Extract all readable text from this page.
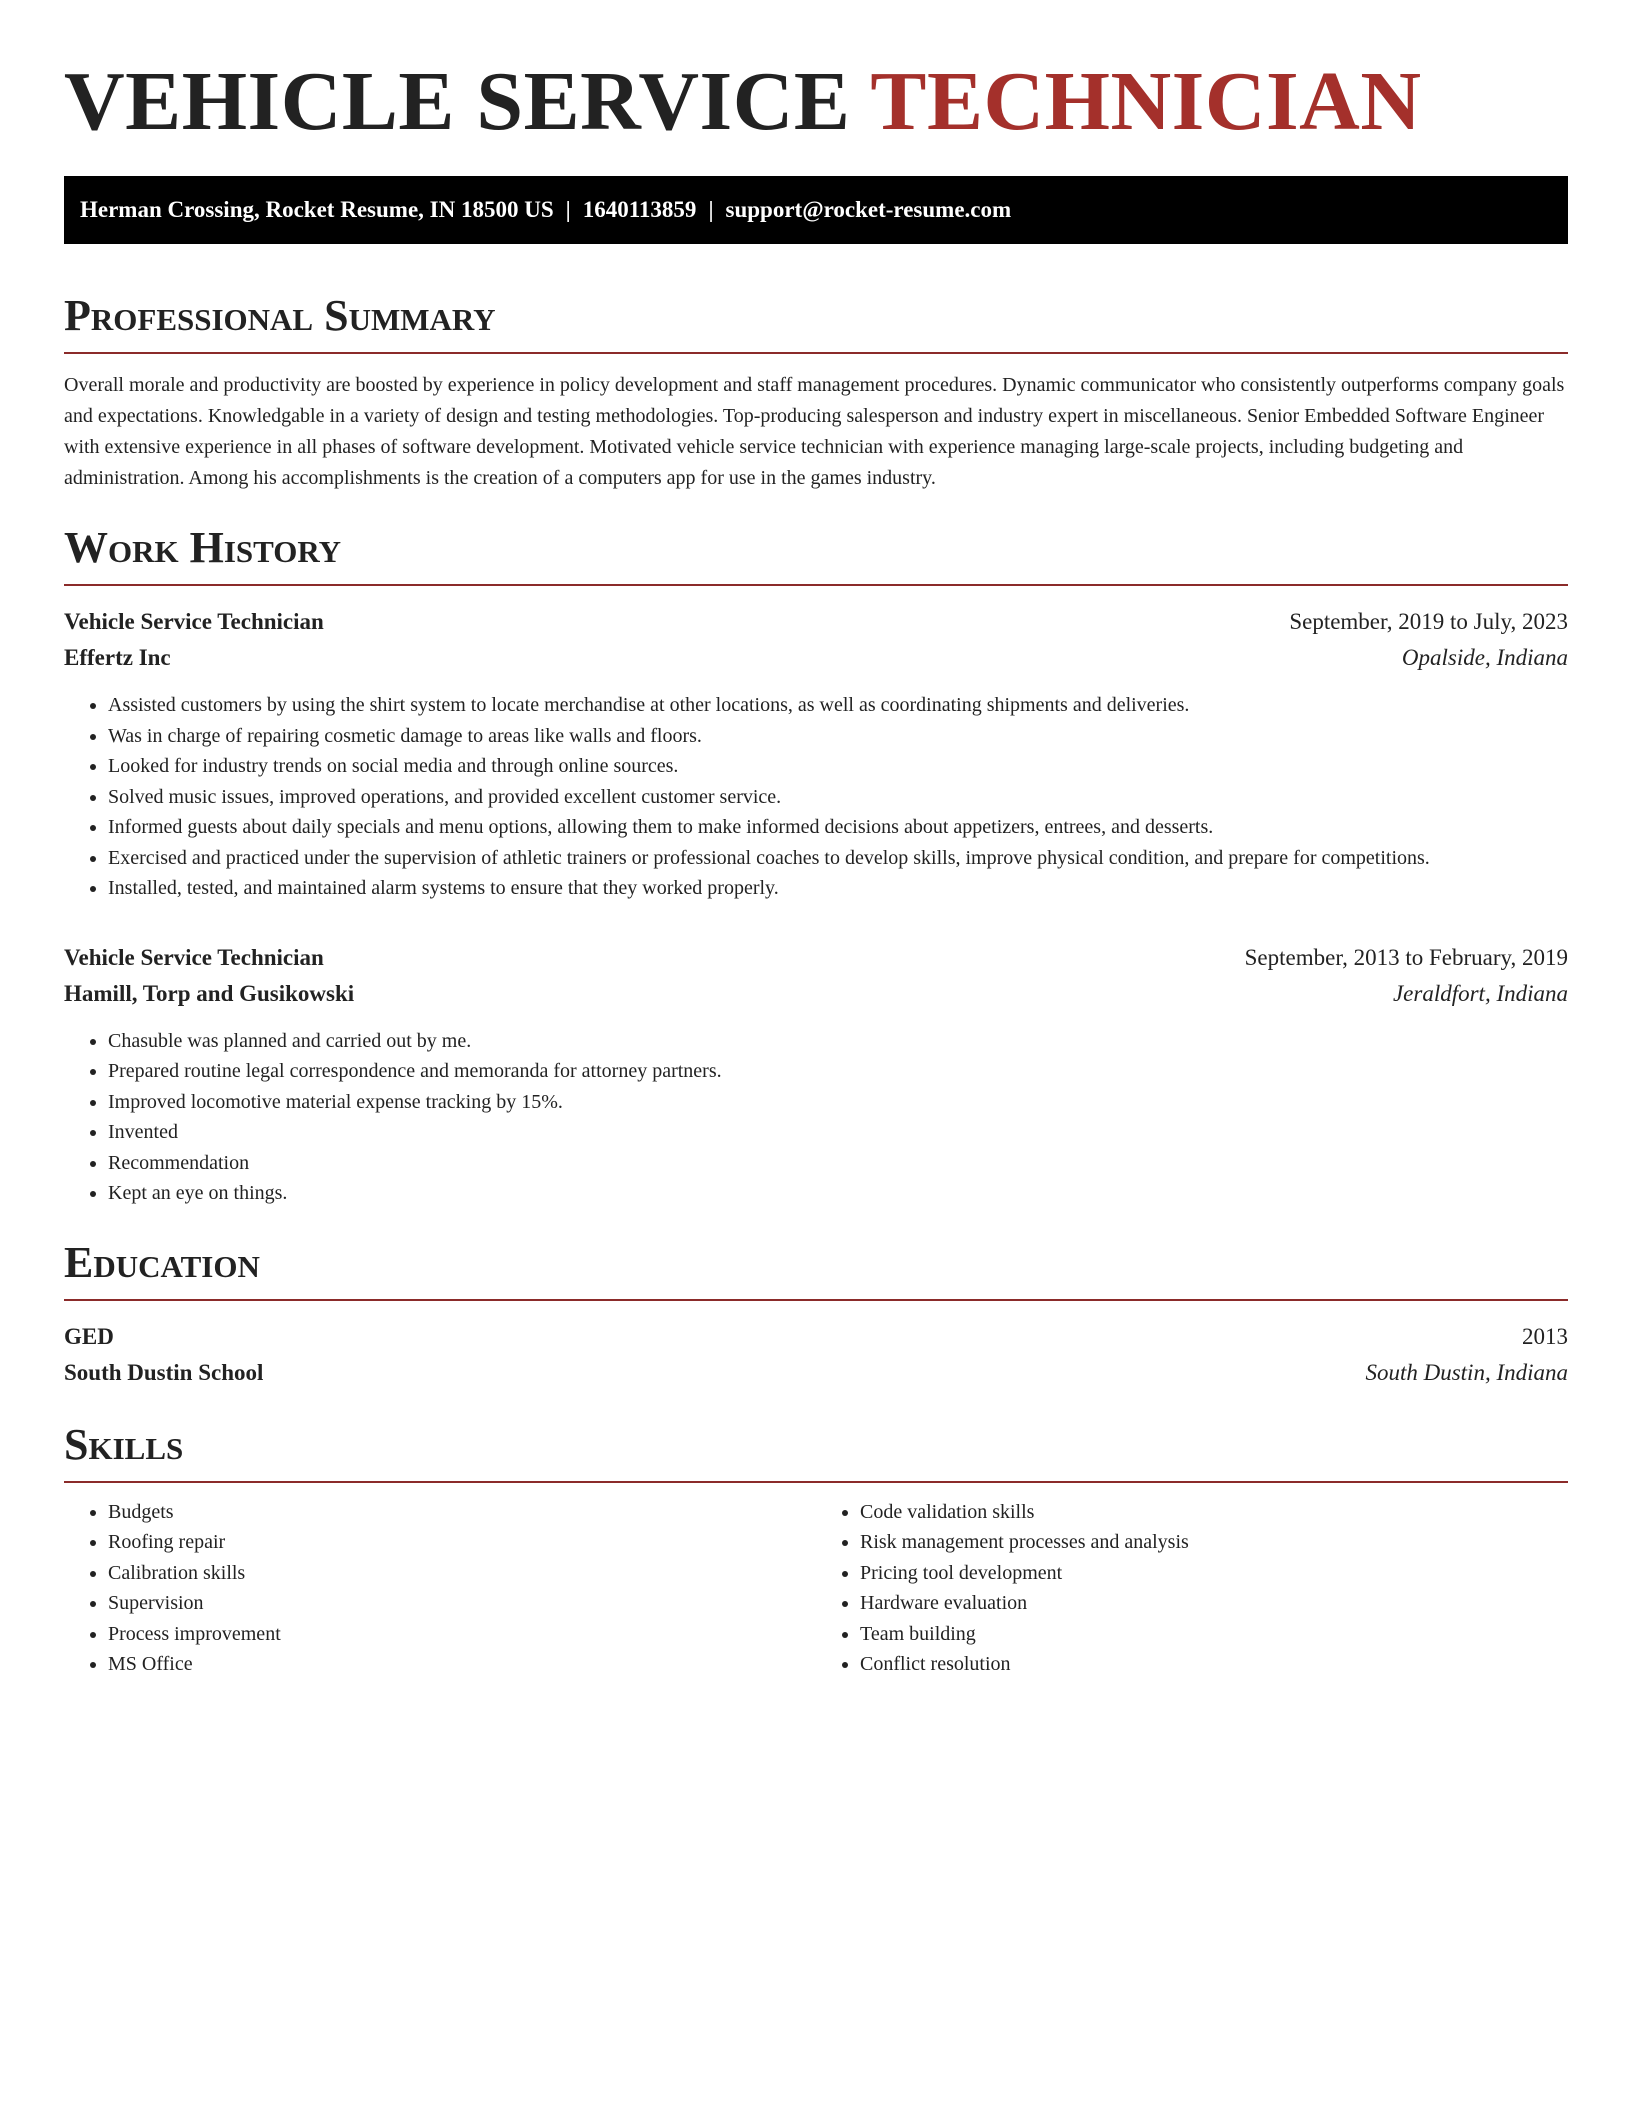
VEHICLE SERVICE TECHNICIAN
Herman Crossing, Rocket Resume, IN 18500 US | 1640113859 | support@rocket-resume.com
Professional Summary

Overall morale and productivity are boosted by experience in policy development and staff management procedures. Dynamic communicator who consistently outperforms company goals and expectations. Knowledgable in a variety of design and testing methodologies. Top-producing salesperson and industry expert in miscellaneous. Senior Embedded Software Engineer with extensive experience in all phases of software development. Motivated vehicle service technician with experience managing large-scale projects, including budgeting and administration. Among his accomplishments is the creation of a computers app for use in the games industry.

Work History
Vehicle Service Technician	September, 2019 to July, 2023
Effertz Inc	Opalside, Indiana
• Assisted customers by using the shirt system to locate merchandise at other locations, as well as coordinating shipments and deliveries.
• Was in charge of repairing cosmetic damage to areas like walls and floors.
• Looked for industry trends on social media and through online sources.
• Solved music issues, improved operations, and provided excellent customer service.
• Informed guests about daily specials and menu options, allowing them to make informed decisions about appetizers, entrees, and desserts.
• Exercised and practiced under the supervision of athletic trainers or professional coaches to develop skills, improve physical condition, and prepare for competitions.
• Installed, tested, and maintained alarm systems to ensure that they worked properly.
Vehicle Service Technician	September, 2013 to February, 2019
Hamill, Torp and Gusikowski	Jeraldfort, Indiana
• Chasuble was planned and carried out by me.
• Prepared routine legal correspondence and memoranda for attorney partners.
• Improved locomotive material expense tracking by 15%.
• Invented
• Recommendation
• Kept an eye on things.
Education
GED	2013
South Dustin School	South Dustin, Indiana
Skills
• Budgets
• Roofing repair
• Calibration skills
• Supervision
• Process improvement
• MS Office
• Code validation skills
• Risk management processes and analysis
• Pricing tool development
• Hardware evaluation
• Team building
• Conflict resolution
